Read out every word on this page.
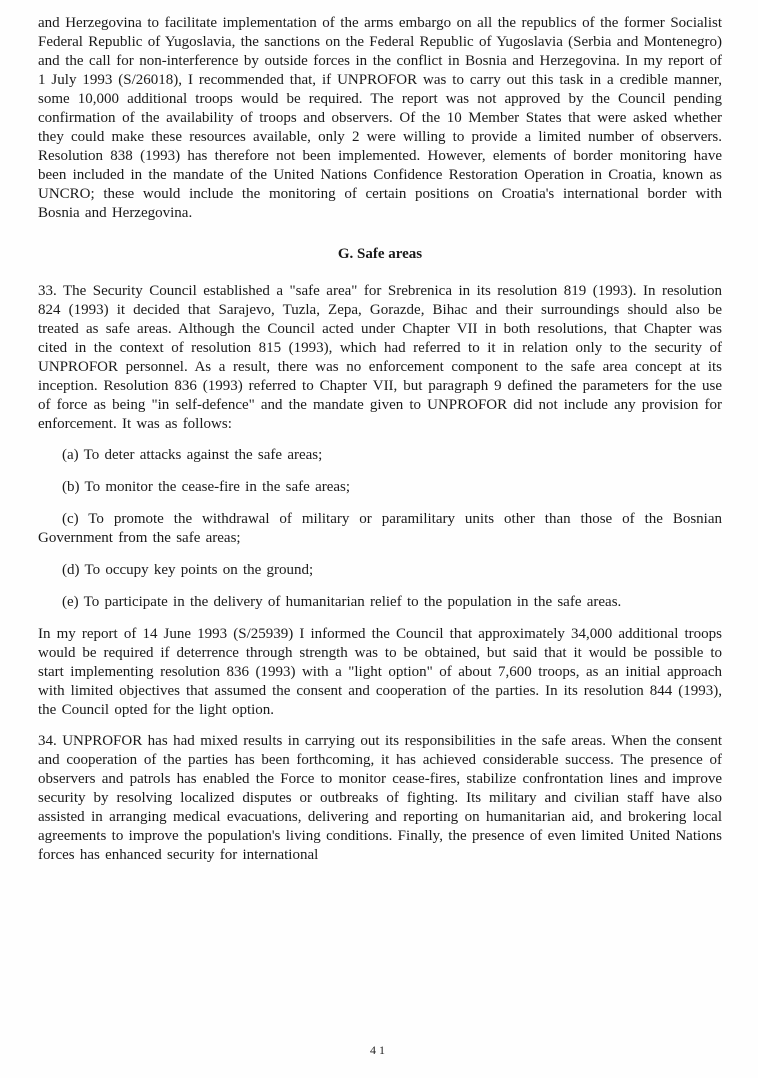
and Herzegovina to facilitate implementation of the arms embargo on all the republics of the former Socialist Federal Republic of Yugoslavia, the sanctions on the Federal Republic of Yugoslavia (Serbia and Montenegro) and the call for non-interference by outside forces in the conflict in Bosnia and Herzegovina. In my report of 1 July 1993 (S/26018), I recommended that, if UNPROFOR was to carry out this task in a credible manner, some 10,000 additional troops would be required. The report was not approved by the Council pending confirmation of the availability of troops and observers. Of the 10 Member States that were asked whether they could make these resources available, only 2 were willing to provide a limited number of observers. Resolution 838 (1993) has therefore not been implemented. However, elements of border monitoring have been included in the mandate of the United Nations Confidence Restoration Operation in Croatia, known as UNCRO; these would include the monitoring of certain positions on Croatia's international border with Bosnia and Herzegovina.

G. Safe areas

33. The Security Council established a "safe area" for Srebrenica in its resolution 819 (1993). In resolution 824 (1993) it decided that Sarajevo, Tuzla, Zepa, Gorazde, Bihac and their surroundings should also be treated as safe areas. Although the Council acted under Chapter VII in both resolutions, that Chapter was cited in the context of resolution 815 (1993), which had referred to it in relation only to the security of UNPROFOR personnel. As a result, there was no enforcement component to the safe area concept at its inception. Resolution 836 (1993) referred to Chapter VII, but paragraph 9 defined the parameters for the use of force as being "in self-defence" and the mandate given to UNPROFOR did not include any provision for enforcement. It was as follows:

(a) To deter attacks against the safe areas;

(b) To monitor the cease-fire in the safe areas;

(c) To promote the withdrawal of military or paramilitary units other than those of the Bosnian Government from the safe areas;

(d) To occupy key points on the ground;

(e) To participate in the delivery of humanitarian relief to the population in the safe areas.

In my report of 14 June 1993 (S/25939) I informed the Council that approximately 34,000 additional troops would be required if deterrence through strength was to be obtained, but said that it would be possible to start implementing resolution 836 (1993) with a "light option" of about 7,600 troops, as an initial approach with limited objectives that assumed the consent and cooperation of the parties. In its resolution 844 (1993), the Council opted for the light option.

34. UNPROFOR has had mixed results in carrying out its responsibilities in the safe areas. When the consent and cooperation of the parties has been forthcoming, it has achieved considerable success. The presence of observers and patrols has enabled the Force to monitor cease-fires, stabilize confrontation lines and improve security by resolving localized disputes or outbreaks of fighting. Its military and civilian staff have also assisted in arranging medical evacuations, delivering and reporting on humanitarian aid, and brokering local agreements to improve the population's living conditions. Finally, the presence of even limited United Nations forces has enhanced security for international

41
